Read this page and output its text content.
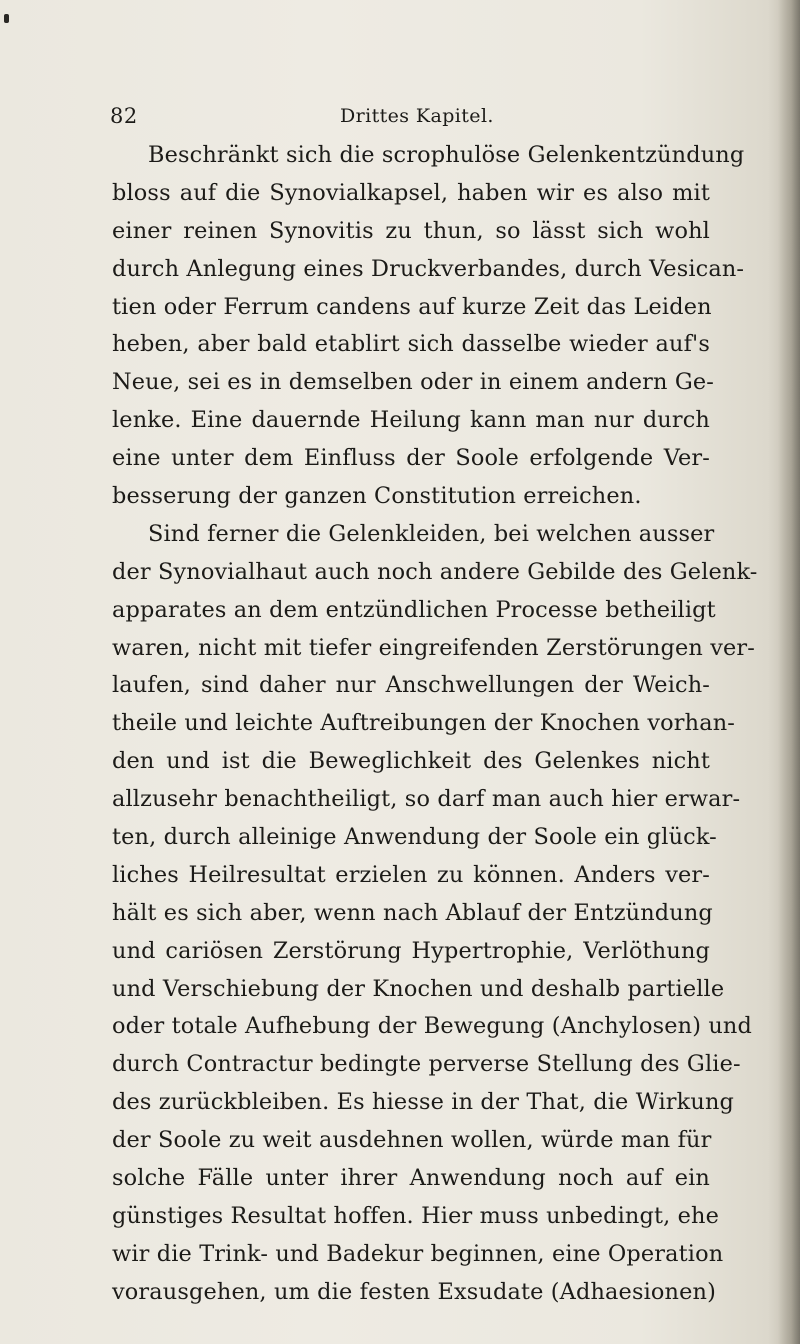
82	Drittes Kapitel.
Beschränkt sich die scrophulöse Gelenkentzündung
bloss auf die Synovialkapsel, haben wir es also mit
einer reinen Synovitis zu thun, so lässt sich wohl
durch Anlegung eines Druckverbandes, durch Vesican-
tien oder Ferrum candens auf kurze Zeit das Leiden
heben, aber bald etablirt sich dasselbe wieder auf's
Neue, sei es in demselben oder in einem andern Ge-
lenke. Eine dauernde Heilung kann man nur durch
eine unter dem Einfluss der Soole erfolgende Ver-
besserung der ganzen Constitution erreichen.
Sind ferner die Gelenkleiden, bei welchen ausser
der Synovialhaut auch noch andere Gebilde des Gelenk-
apparates an dem entzündlichen Processe betheiligt
waren, nicht mit tiefer eingreifenden Zerstörungen ver-
laufen, sind daher nur Anschwellungen der Weich-
theile und leichte Auftreibungen der Knochen vorhan-
den und ist die Beweglichkeit des Gelenkes nicht
allzusehr benachtheiligt, so darf man auch hier erwar-
ten, durch alleinige Anwendung der Soole ein glück-
liches Heilresultat erzielen zu können. Anders ver-
hält es sich aber, wenn nach Ablauf der Entzündung
und cariösen Zerstörung Hypertrophie, Verlöthung
und Verschiebung der Knochen und deshalb partielle
oder totale Aufhebung der Bewegung (Anchylosen) und
durch Contractur bedingte perverse Stellung des Glie-
des zurückbleiben. Es hiesse in der That, die Wirkung
der Soole zu weit ausdehnen wollen, würde man für
solche Fälle unter ihrer Anwendung noch auf ein
günstiges Resultat hoffen. Hier muss unbedingt, ehe
wir die Trink- und Badekur beginnen, eine Operation
vorausgehen, um die festen Exsudate (Adhaesionen)
